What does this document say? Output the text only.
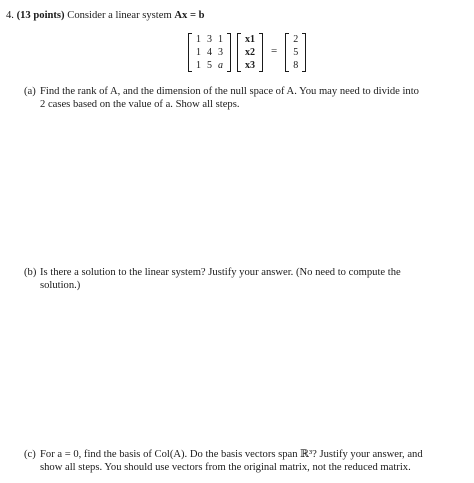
4. (13 points) Consider a linear system Ax = b
1	3	1
1	4	3
1	5	a
x1
x2
x3
=
2
5
8
(a) Find the rank of A, and the dimension of the null space of A. You may need to divide into
2 cases based on the value of a. Show all steps.
(b) Is there a solution to the linear system? Justify your answer. (No need to compute the
solution.)
(c) For a = 0, find the basis of Col(A). Do the basis vectors span ℝ³? Justify your answer, and
show all steps. You should use vectors from the original matrix, not the reduced matrix.
